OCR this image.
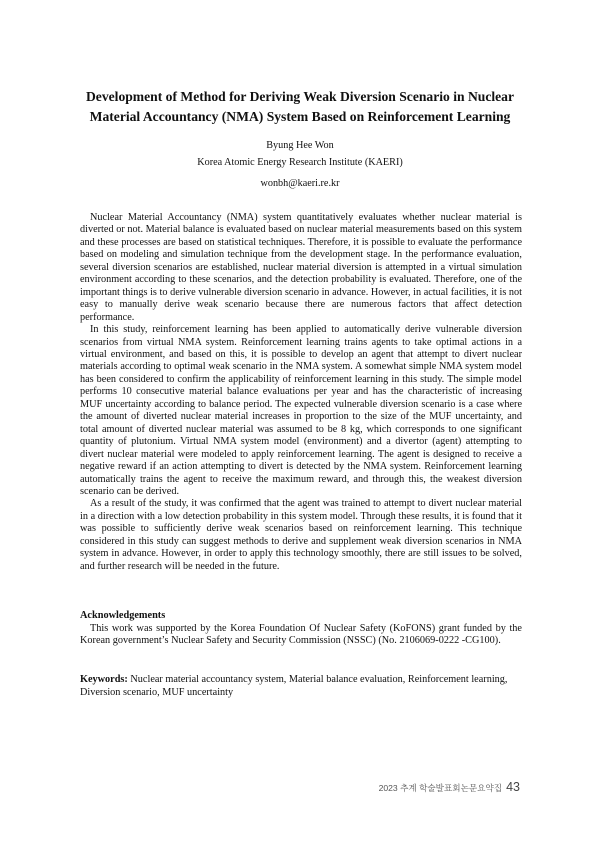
Development of Method for Deriving Weak Diversion Scenario in Nuclear Material Accountancy (NMA) System Based on Reinforcement Learning
Byung Hee Won
Korea Atomic Energy Research Institute (KAERI)
wonbh@kaeri.re.kr

Nuclear Material Accountancy (NMA) system quantitatively evaluates whether nuclear material is diverted or not. Material balance is evaluated based on nuclear material measurements based on this system and these processes are based on statistical techniques. Therefore, it is possible to evaluate the performance based on modeling and simulation technique from the development stage. In the performance evaluation, several diversion scenarios are established, nuclear material diversion is attempted in a virtual simulation environment according to these scenarios, and the detection probability is evaluated. Therefore, one of the important things is to derive vulnerable diversion scenario in advance. However, in actual facilities, it is not easy to manually derive weak scenario because there are numerous factors that affect detection performance.

In this study, reinforcement learning has been applied to automatically derive vulnerable diversion scenarios from virtual NMA system. Reinforcement learning trains agents to take optimal actions in a virtual environment, and based on this, it is possible to develop an agent that attempt to divert nuclear materials according to optimal weak scenario in the NMA system. A somewhat simple NMA system model has been considered to confirm the applicability of reinforcement learning in this study. The simple model performs 10 consecutive material balance evaluations per year and has the characteristic of increasing MUF uncertainty according to balance period. The expected vulnerable diversion scenario is a case where the amount of diverted nuclear material increases in proportion to the size of the MUF uncertainty, and total amount of diverted nuclear material was assumed to be 8 kg, which corresponds to one significant quantity of plutonium. Virtual NMA system model (environment) and a divertor (agent) attempting to divert nuclear material were modeled to apply reinforcement learning. The agent is designed to receive a negative reward if an action attempting to divert is detected by the NMA system. Reinforcement learning automatically trains the agent to receive the maximum reward, and through this, the weakest diversion scenario can be derived.

As a result of the study, it was confirmed that the agent was trained to attempt to divert nuclear material in a direction with a low detection probability in this system model. Through these results, it is found that it was possible to sufficiently derive weak scenarios based on reinforcement learning. This technique considered in this study can suggest methods to derive and supplement weak diversion scenarios in NMA system in advance. However, in order to apply this technology smoothly, there are still issues to be solved, and further research will be needed in the future.

Acknowledgements
This work was supported by the Korea Foundation Of Nuclear Safety (KoFONS) grant funded by the Korean government’s Nuclear Safety and Security Commission (NSSC) (No. 2106069-0222 -CG100).
Keywords: Nuclear material accountancy system, Material balance evaluation, Reinforcement learning, Diversion scenario, MUF uncertainty
2023 추계 학술발표회논문요약집 43
